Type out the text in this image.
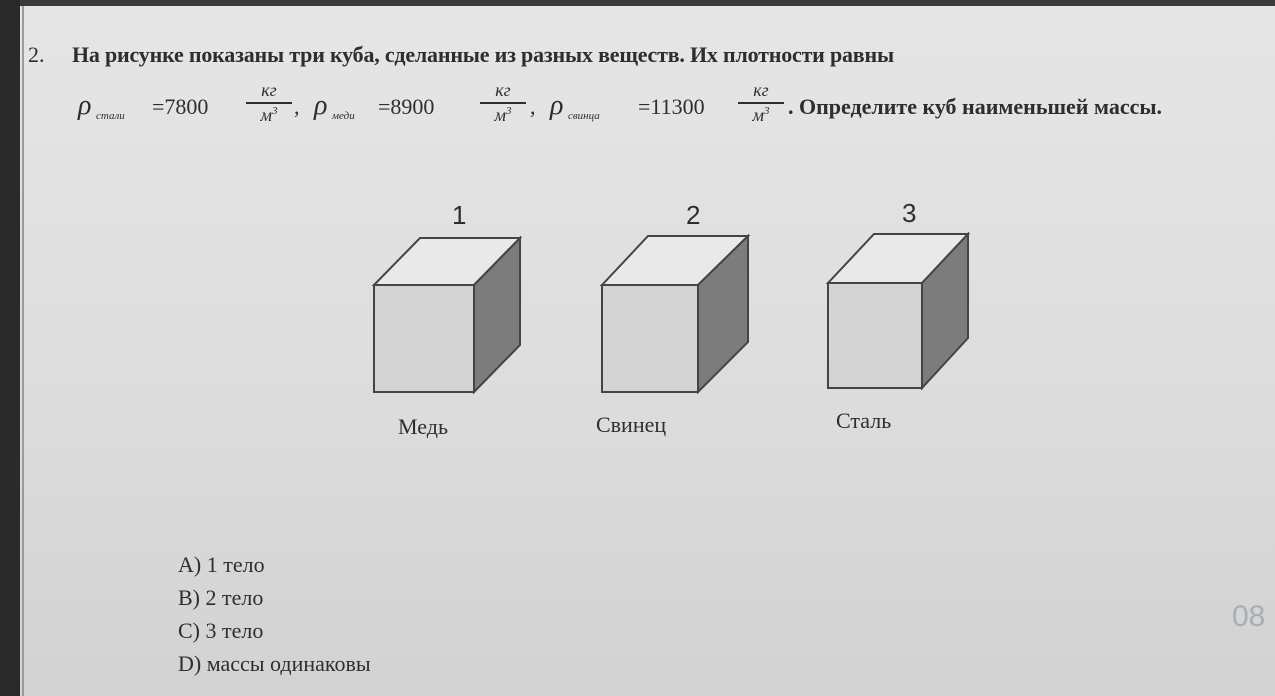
2. На рисунке показаны три куба, сделанные из разных веществ. Их плотности равны
ρ стали =7800
кг
$м^3$ , ρ меди =8900
кг
$м^3$ , ρ свинца =11300
кг
$м^3$ . Определите куб наименьшей массы.
1	2	3
Медь	Свинец	Сталь
А) 1 тело
В) 2 тело
С) 3 тело
D) массы одинаковы
08
